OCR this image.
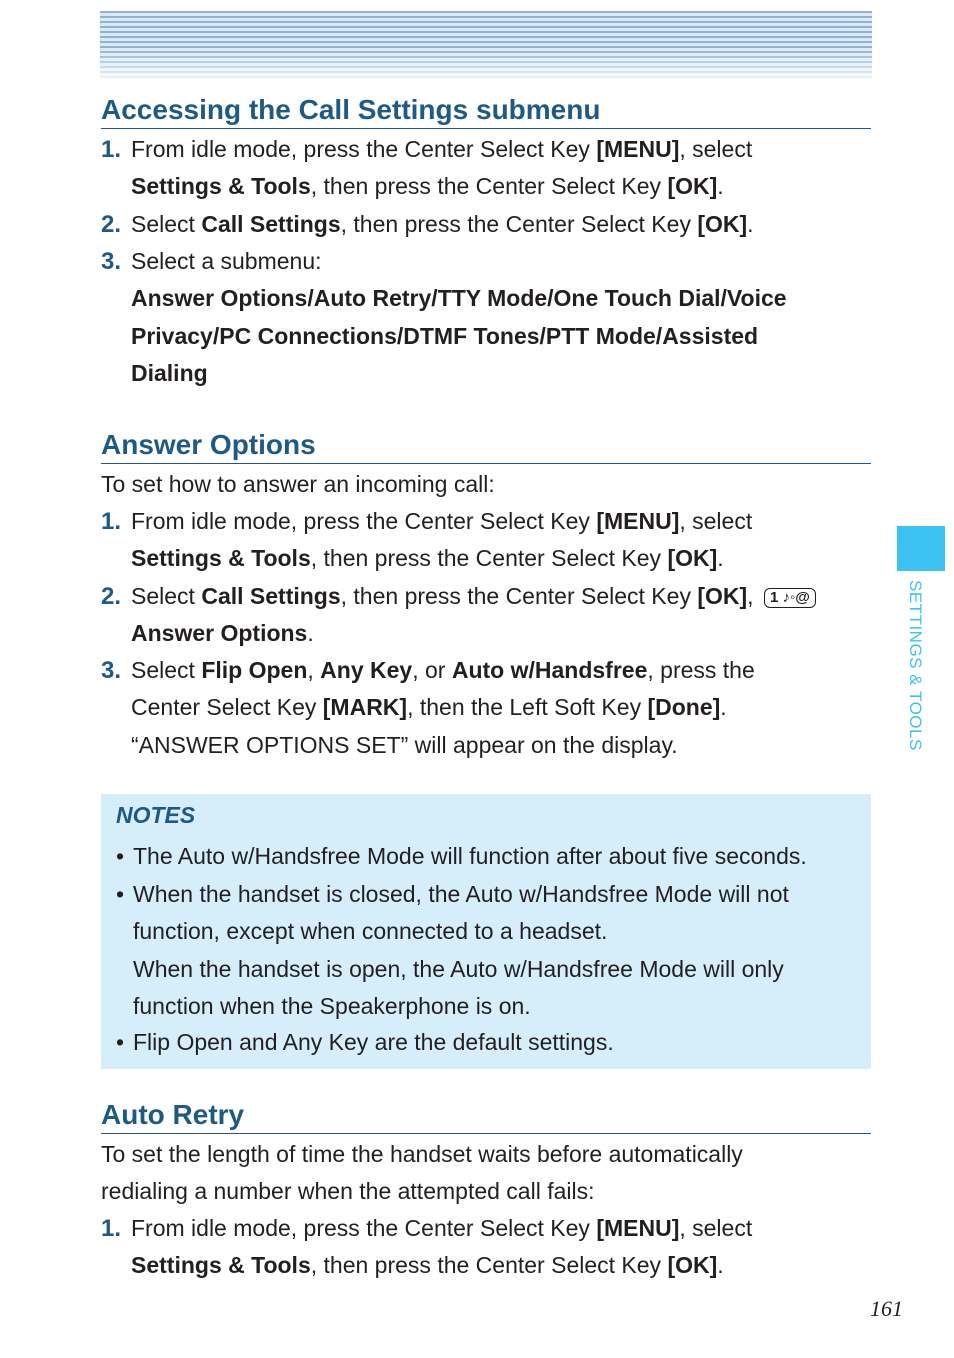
Accessing the Call Settings submenu
1. From idle mode, press the Center Select Key [MENU], select
Settings & Tools, then press the Center Select Key [OK].
2. Select Call Settings, then press the Center Select Key [OK].
3. Select a submenu:
Answer Options/Auto Retry/TTY Mode/One Touch Dial/Voice
Privacy/PC Connections/DTMF Tones/PTT Mode/Assisted
Dialing
Answer Options

To set how to answer an incoming call:

1. From idle mode, press the Center Select Key [MENU], select
Settings & Tools, then press the Center Select Key [OK].
2. Select Call Settings, then press the Center Select Key [OK], 1 ♪◦@
Answer Options.
3. Select Flip Open, Any Key, or Auto w/Handsfree, press the
Center Select Key [MARK], then the Left Soft Key [Done].
“ANSWER OPTIONS SET” will appear on the display.
NOTES
• The Auto w/Handsfree Mode will function after about five seconds.
• When the handset is closed, the Auto w/Handsfree Mode will not
function, except when connected to a headset.
When the handset is open, the Auto w/Handsfree Mode will only
function when the Speakerphone is on.
• Flip Open and Any Key are the default settings.
Auto Retry

To set the length of time the handset waits before automatically
redialing a number when the attempted call fails:

1. From idle mode, press the Center Select Key [MENU], select
Settings & Tools, then press the Center Select Key [OK].
SETTINGS & TOOLS
161
